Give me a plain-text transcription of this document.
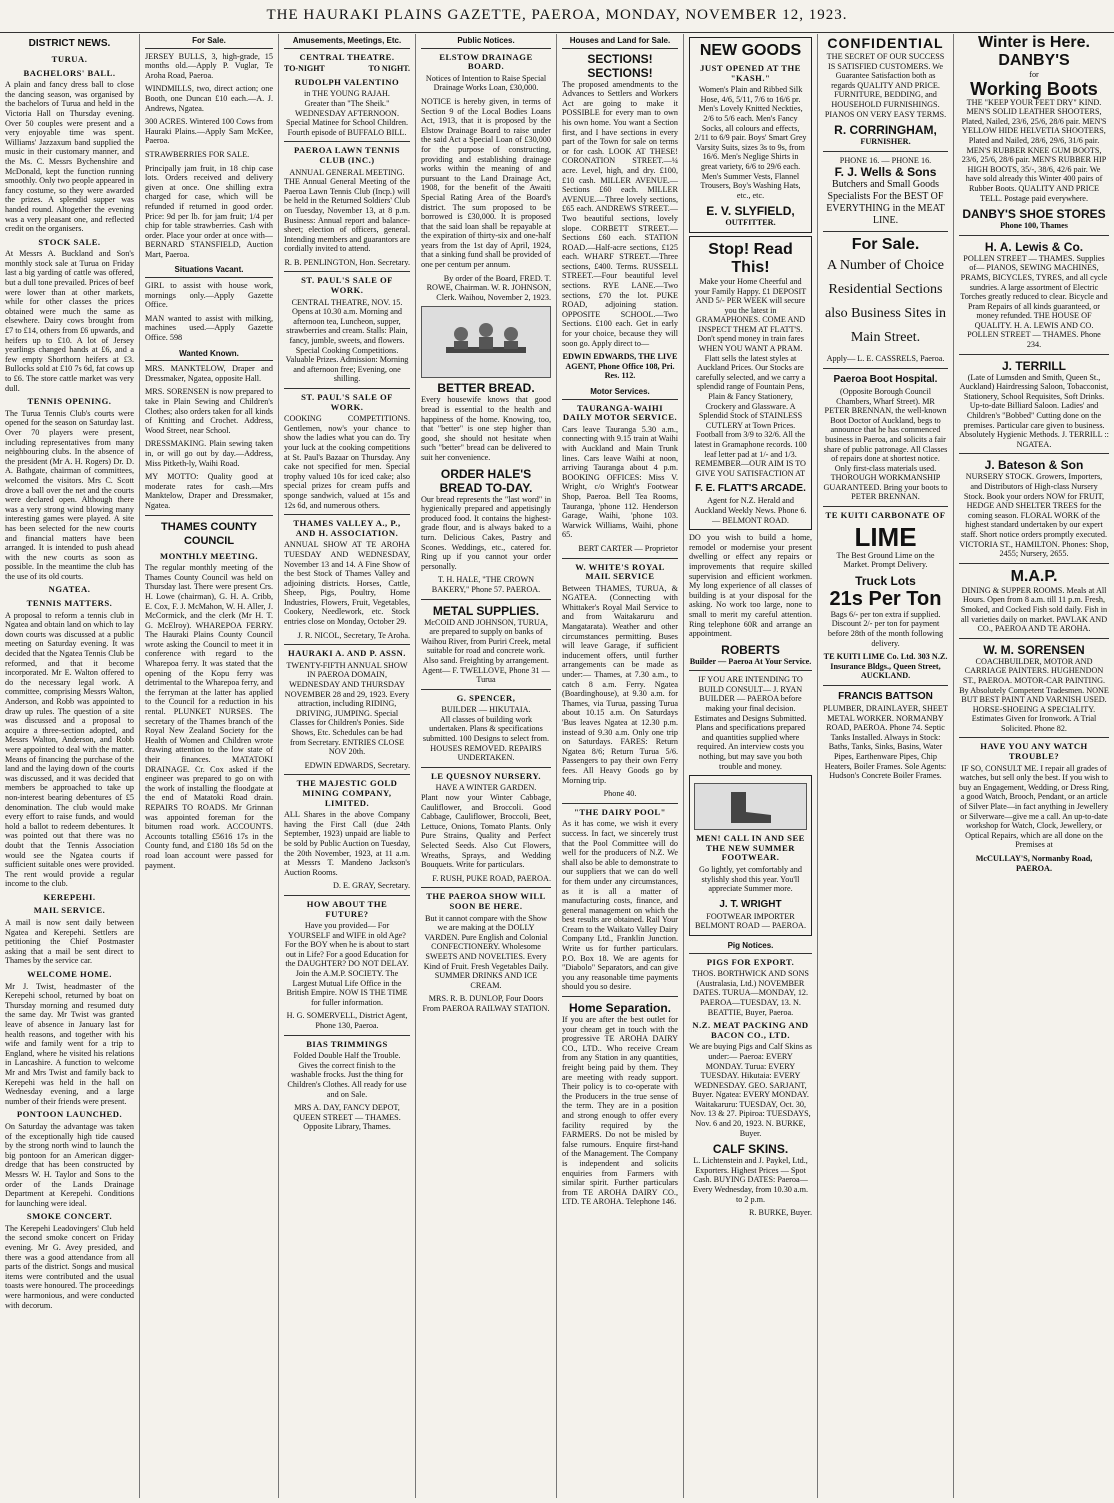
THE HAURAKI PLAINS GAZETTE, PAEROA, MONDAY, NOVEMBER 12, 1923.
DISTRICT NEWS.
TURUA.
BACHELORS' BALL.

A plain and fancy dress ball to close the dancing season, was organised by the bachelors of Turua and held in the Victoria Hall on Thursday evening. Over 50 couples were present and a very enjoyable time was spent. Williams' Jazzaxum band supplied the music in their customary manner, and the Ms. C. Messrs Bychenshire and McDonald, kept the function running smoothly. Only two people appeared in fancy costume, so they were awarded the prizes. A splendid supper was handed round. Altogether the evening was a very pleasant one, and reflected credit on the organisers.

STOCK SALE.

At Messrs A. Buckland and Son's monthly stock sale at Turua on Friday last a big yarding of cattle was offered, but a dull tone prevailed. Prices of beef were lower than at other markets, while for other classes the prices obtained were much the same as elsewhere. Dairy cows brought from £7 to £14, others from £6 upwards, and heifers up to £10. A lot of Jersey yearlings changed hands at £6, and a few empty Shorthorn heifers at £3. Bullocks sold at £10 7s 6d, fat cows up to £6. The store cattle market was very dull.

TENNIS OPENING.

The Turua Tennis Club's courts were opened for the season on Saturday last. Over 70 players were present, including representatives from many neighbouring clubs. In the absence of the president (Mr A. H. Rogers) Dr. D. A. Bathgate, chairman of committees, welcomed the visitors. Mrs C. Scott drove a ball over the net and the courts were declared open. Although there was a very strong wind blowing many interesting games were played. A site has been selected for the new courts and financial matters have been arranged. It is intended to push ahead with the new courts as soon as possible. In the meantime the club has the use of its old courts.

NGATEA.
TENNIS MATTERS.

A proposal to reform a tennis club in Ngatea and obtain land on which to lay down courts was discussed at a public meeting on Saturday evening. It was decided that the Ngatea Tennis Club be reformed, and that it become incorporated. Mr E. Walton offered to do the necessary legal work. A committee, comprising Messrs Walton, Anderson, and Robb was appointed to draw up rules. The question of a site was discussed and a proposal to acquire a three-section adopted, and Messrs Walton, Anderson, and Robb were appointed to deal with the matter. Means of financing the purchase of the land and the laying down of the courts was discussed, and it was decided that members be approached to take up non-interest bearing debentures of £5 denomination. The club would make every effort to raise funds, and would hold a ballot to redeem debentures. It was pointed out that there was no doubt that the Tennis Association would see the Ngatea courts if sufficient suitable ones were provided. The rent would provide a regular income to the club.

KEREPEHI.
MAIL SERVICE.

A mail is now sent daily between Ngatea and Kerepehi. Settlers are petitioning the Chief Postmaster asking that a mail be sent direct to Thames by the service car.

WELCOME HOME.

Mr J. Twist, headmaster of the Kerepehi school, returned by boat on Thursday morning and resumed duty the same day. Mr Twist was granted leave of absence in January last for health reasons, and together with his wife and family went for a trip to England, where he visited his relations in Lancashire. A function to welcome Mr and Mrs Twist and family back to Kerepehi was held in the hall on Wednesday evening, and a large number of their friends were present.

PONTOON LAUNCHED.

On Saturday the advantage was taken of the exceptionally high tide caused by the strong north wind to launch the big pontoon for an American digger-dredge that has been constructed by Messrs W. H. Taylor and Sons to the order of the Lands Drainage Department at Kerepehi. Conditions for launching were ideal.

SMOKE CONCERT.

The Kerepehi Leadovingers' Club held the second smoke concert on Friday evening. Mr G. Avey presided, and there was a good attendance from all parts of the district. Songs and musical items were contributed and the usual toasts were honoured. The proceedings were harmonious, and were conducted with decorum.

For Sale.

JERSEY BULLS, 3, high-grade, 15 months old.—Apply P. Vuglar, Te Aroha Road, Paeroa.

WINDMILLS, two, direct action; one Booth, one Duncan £10 each.—A. J. Andrews, Ngatea.

300 ACRES. Wintered 100 Cows from Hauraki Plains.—Apply Sam McKee, Paeroa.

STRAWBERRIES FOR SALE.

Principally jam fruit, in 18 chip case lots. Orders received and delivery given at once. One shilling extra charged for case, which will be refunded if returned in good order. Price: 9d per lb. for jam fruit; 1/4 per chip for table strawberries. Cash with order. Place your order at once with— BERNARD STANSFIELD, Auction Mart, Paeroa.

Situations Vacant.

GIRL to assist with house work, mornings only.—Apply Gazette Office.

MAN wanted to assist with milking, machines used.—Apply Gazette Office. 598

Wanted Known.

MRS. MANKTELOW, Draper and Dressmaker, Ngatea, opposite Hall.

MRS. SORENSEN is now prepared to take in Plain Sewing and Children's Clothes; also orders taken for all kinds of Knitting and Crochet. Address, Wood Street, near School.

DRESSMAKING. Plain sewing taken in, or will go out by day.—Address, Miss Pitketh-ly, Waihi Road.

MY MOTTO: Quality good at moderate rates for cash.—Mrs Manktelow, Draper and Dressmaker, Ngatea.

THAMES COUNTY COUNCIL
MONTHLY MEETING.

The regular monthly meeting of the Thames County Council was held on Thursday last. There were present Crs. H. Lowe (chairman), G. H. A. Cribb, E. Cox, F. J. McMahon, W. H. Aller, J. McCormick, and the clerk (Mr H. T. G. McElroy). WHAREPOA FERRY. The Hauraki Plains County Council wrote asking the Council to meet it in conference with regard to the Wharepoa ferry. It was stated that the opening of the Kopu ferry was detrimental to the Wharepoa ferry, and the ferryman at the latter has applied to the Council for a reduction in his rental. PLUNKET NURSES. The secretary of the Thames branch of the Royal New Zealand Society for the Health of Women and Children wrote drawing attention to the low state of their finances. MATATOKI DRAINAGE. Cr. Cox asked if the engineer was prepared to go on with the work of installing the floodgate at the end of Matatoki Road drain. REPAIRS TO ROADS. Mr Grinnan was appointed foreman for the bitumen road work. ACCOUNTS. Accounts totalling £5616 17s in the County fund, and £180 18s 5d on the road loan account were passed for payment.

Amusements, Meetings, Etc.
CENTRAL THEATRE.
TO-NIGHT	TO NIGHT.
RUDOLPH VALENTINO
in THE YOUNG RAJAH.
Greater than "The Sheik."
WEDNESDAY AFTERNOON.
Special Matinee for School Children.
Fourth episode of BUFFALO BILL.
PAEROA LAWN TENNIS CLUB (INC.)
ANNUAL GENERAL MEETING.

THE Annual General Meeting of the Paeroa Lawn Tennis Club (Incp.) will be held in the Returned Soldiers' Club on Tuesday, November 13, at 8 p.m. Business: Annual report and balance-sheet; election of officers, general. Intending members and guarantors are cordially invited to attend.

R. B. PENLINGTON, Hon. Secretary.

ST. PAUL'S SALE OF WORK.

CENTRAL THEATRE, NOV. 15. Opens at 10.30 a.m. Morning and afternoon tea, Luncheon, supper, strawberries and cream. Stalls: Plain, fancy, jumble, sweets, and flowers. Special Cooking Competitions. Valuable Prizes. Admission: Morning and afternoon free; Evening, one shilling.

ST. PAUL'S SALE OF WORK.

COOKING COMPETITIONS. Gentlemen, now's your chance to show the ladies what you can do. Try your luck at the cooking competitions at St. Paul's Bazaar on Thursday. Any cake not specified for men. Special trophy valued 10s for iced cake; also special prizes for cream puffs and sponge sandwich, valued at 15s and 12s 6d, and numerous others.

THAMES VALLEY A., P., AND H. ASSOCIATION.

ANNUAL SHOW AT TE AROHA TUESDAY AND WEDNESDAY, November 13 and 14. A Fine Show of the best Stock of Thames Valley and adjoining districts. Horses, Cattle, Sheep, Pigs, Poultry, Home Industries, Flowers, Fruit, Vegetables, Cookery, Needlework, etc. Stock entries close on Monday, October 29.

J. R. NICOL, Secretary, Te Aroha.

HAURAKI A. AND P. ASSN.

TWENTY-FIFTH ANNUAL SHOW IN PAEROA DOMAIN, WEDNESDAY AND THURSDAY NOVEMBER 28 and 29, 1923. Every attraction, including RIDING, DRIVING, JUMPING. Special Classes for Children's Ponies. Side Shows, Etc. Schedules can be had from Secretary. ENTRIES CLOSE NOV 20th.

EDWIN EDWARDS, Secretary.

THE MAJESTIC GOLD MINING COMPANY, LIMITED.

ALL Shares in the above Company having the First Call (due 24th September, 1923) unpaid are liable to be sold by Public Auction on Tuesday, the 20th November, 1923, at 11 a.m. at Messrs T. Mandeno Jackson's Auction Rooms.

D. E. GRAY, Secretary.

HOW ABOUT THE FUTURE?

Have you provided— For YOURSELF and WIFE in old Age? For the BOY when he is about to start out in Life? For a good Education for the DAUGHTER? DO NOT DELAY. Join the A.M.P. SOCIETY. The Largest Mutual Life Office in the British Empire. NOW IS THE TIME for fuller information.

H. G. SOMERVELL, District Agent, Phone 130, Paeroa.

BIAS TRIMMINGS

Folded Double Half the Trouble. Gives the correct finish to the washable frocks. Just the thing for Children's Clothes. All ready for use and on Sale.

MRS A. DAY, FANCY DEPOT, QUEEN STREET — THAMES. Opposite Library, Thames.

Public Notices.
ELSTOW DRAINAGE BOARD.

Notices of Intention to Raise Special Drainage Works Loan, £30,000.

NOTICE is hereby given, in terms of Section 9 of the Local Bodies Loans Act, 1913, that it is proposed by the Elstow Drainage Board to raise under the said Act a Special Loan of £30,000 for the purpose of constructing, providing and establishing drainage works within the meaning of and pursuant to the Land Drainage Act, 1908, for the benefit of the Awaiti Special Rating Area of the Board's district. The sum proposed to be borrowed is £30,000. It is proposed that the said loan shall be repayable at the expiration of thirty-six and one-half years from the 1st day of April, 1924, that a sinking fund shall be provided of one per centum per annum.

By order of the Board, FRED. T. ROWE, Chairman. W. R. JOHNSON, Clerk. Waihou, November 2, 1923.

BETTER BREAD.

Every housewife knows that good bread is essential to the health and happiness of the home. Knowing, too, that "better" is one step higher than good, she should not hesitate when such "better" bread can be delivered to suit her convenience.

ORDER HALE'S BREAD TO-DAY.

Our bread represents the "last word" in hygienically prepared and appetisingly produced food. It contains the highest-grade flour, and is always baked to a turn. Delicious Cakes, Pastry and Scones. Weddings, etc., catered for. Ring up if you cannot your order personally.

T. H. HALE, "THE CROWN BAKERY," Phone 57. PAEROA.

METAL SUPPLIES.

McCOID AND JOHNSON, TURUA, are prepared to supply on banks of Waihou River, from Puriri Creek, metal suitable for road and concrete work. Also sand. Freighting by arrangement. Agent— F. TWELLOVE, Phone 31 — Turua

G. SPENCER,
BUILDER — HIKUTAIA.

All classes of building work undertaken. Plans & specifications submitted. 100 Designs to select from. HOUSES REMOVED. REPAIRS UNDERTAKEN.

LE QUESNOY NURSERY.
HAVE A WINTER GARDEN.

Plant now your Winter Cabbage, Cauliflower, and Broccoli. Good Cabbage, Cauliflower, Broccoli, Beet, Lettuce, Onions, Tomato Plants. Only Pure Strains, Quality and Perfect Selected Seeds. Also Cut Flowers, Wreaths, Sprays, and Wedding Bouquets. Write for particulars.

F. RUSH, PUKE ROAD, PAEROA.

THE PAEROA SHOW WILL SOON BE HERE.

But it cannot compare with the Show we are making at the DOLLY VARDEN. Pure English and Colonial CONFECTIONERY. Wholesome SWEETS AND NOVELTIES. Every Kind of Fruit. Fresh Vegetables Daily. SUMMER DRINKS AND ICE CREAM.

MRS. R. B. DUNLOP, Four Doors From PAEROA RAILWAY STATION.

Houses and Land for Sale.
SECTIONS! SECTIONS!

The proposed amendments to the Advances to Settlers and Workers Act are going to make it POSSIBLE for every man to own his own home. You want a Section first, and I have sections in every part of the Town for sale on terms or for cash. LOOK AT THESE! CORONATION STREET.—¼ acre. Level, high, and dry. £100, £10 cash. MILLER AVENUE.—Sections £60 each. MILLER AVENUE.—Three lovely sections, £65 each. ANDREWS STREET.—Two beautiful sections, lovely slope. CORBETT STREET.—Sections £60 each. STATION ROAD.—Half-acre sections, £125 each. WHARF STREET.—Three sections, £400. Terms. RUSSELL STREET.—Four beautiful level sections. RYE LANE.—Two sections, £70 the lot. PUKE ROAD, adjoining station. OPPOSITE SCHOOL.—Two Sections. £100 each. Get in early for your choice, because they will soon go. Apply direct to—

EDWIN EDWARDS, THE LIVE AGENT, Phone Office 108, Pri. Res. 112.

Motor Services.
TAURANGA-WAIHI DAILY MOTOR SERVICE.

Cars leave Tauranga 5.30 a.m., connecting with 9.15 train at Waihi with Auckland and Main Trunk lines. Cars leave Waihi at noon, arriving Tauranga about 4 p.m. BOOKING OFFICES: Miss V. Wright, c/o Wright's Footwear Shop, Paeroa. Bell Tea Rooms, Tauranga, 'phone 112. Henderson Garage, Waihi, 'phone 103. Warwick Williams, Waihi, phone 65.

BERT CARTER — Proprietor

W. WHITE'S ROYAL MAIL SERVICE

Between THAMES, TURUA, & NGATEA. (Connecting with Whittaker's Royal Mail Service to and from Waitakaruru and Mangatarata). Weather and other circumstances permitting. Buses will leave Garage, if sufficient inducement offers, until further arrangements can be made as under:— Thames, at 7.30 a.m., to catch 8 a.m. Ferry. Ngatea (Boardinghouse), at 9.30 a.m. for Thames, via Turua, passing Turua about 10.15 a.m. On Saturdays 'Bus leaves Ngatea at 12.30 p.m. instead of 9.30 a.m. Only one trip on Saturdays. FARES: Return Ngatea 8/6; Return Turua 5/6. Passengers to pay their own Ferry fees. All Heavy Goods go by Morning trip.

Phone 40.

"THE DAIRY POOL"

As it has come, we wish it every success. In fact, we sincerely trust that the Pool Committee will do well for the producers of N.Z. We shall also be able to demonstrate to our suppliers that we can do well for them under any circumstances, as it is all a matter of manufacturing costs, finance, and general management on which the best results are obtained. Rail Your Cream to the Waikato Valley Dairy Company Ltd., Franklin Junction. Write us for further particulars. P.O. Box 18. We are agents for "Diabolo" Separators, and can give you any reasonable time payments should you so desire.

Home Separation.

If you are after the best outlet for your cheam get in touch with the progressive TE AROHA DAIRY CO., LTD.. Who receive Cream from any Station in any quantities, freight being paid by them. They are meeting with ready support. Their policy is to co-operate with the Producers in the true sense of the term. They are in a position and strong enough to offer every facility required by the FARMERS. Do not be misled by false rumours. Enquire first-hand of the Management. The Company is independent and solicits enquiries from Farmers with similar spirit. Further particulars from TE AROHA DAIRY CO., LTD. TE AROHA. Telephone 146.

NEW GOODS
JUST OPENED AT THE "KASH."

Women's Plain and Ribbed Silk Hose, 4/6, 5/11, 7/6 to 16/6 pr. Men's Lovely Knitted Neckties, 2/6 to 5/6 each. Men's Fancy Socks, all colours and effects, 2/11 to 6/9 pair. Boys' Smart Grey Varsity Suits, sizes 3s to 9s, from 16/6. Men's Neglige Shirts in great variety, 6/6 to 29/6 each. Men's Summer Vests, Flannel Trousers, Boy's Washing Hats, etc., etc.

E. V. SLYFIELD,
OUTFITTER.
Stop! Read This!

Make your Home Cheerful and your Family Happy. £1 DEPOSIT AND 5/- PER WEEK will secure you the latest in GRAMAPHONES. COME AND INSPECT THEM AT FLATT'S. Don't spend money in train fares WHEN YOU WANT A PRAM. Flatt sells the latest styles at Auckland Prices. Our Stocks are carefully selected, and we carry a splendid range of Fountain Pens, Plain & Fancy Stationery, Crockery and Glassware. A Splendid Stock of STAINLESS CUTLERY at Town Prices. Football from 3/9 to 32/6. All the latest in Gramaphone records. 100 leaf letter pad at 1/- and 1/3. REMEMBER—OUR AIM IS TO GIVE YOU SATISFACTION AT

F. E. FLATT'S ARCADE.
Agent for N.Z. Herald and Auckland Weekly News. Phone 6. — BELMONT ROAD.

DO you wish to build a home, remodel or modernise your present dwelling or effect any repairs or improvements that require skilled supervision and efficient workmen. My long experience of all classes of building is at your disposal for the asking. No work too large, none to small to merit my careful attention. Ring telephone 60R and arrange an appointment.

ROBERTS
Builder — Paeroa At Your Service.

IF YOU ARE INTENDING TO BUILD CONSULT— J. RYAN BUILDER — PAEROA before making your final decision. Estimates and Designs Submitted. Plans and specifications prepared and quantities supplied where required. An interview costs you nothing, but may save you both trouble and money.

MEN! CALL IN AND SEE THE NEW SUMMER FOOTWEAR.

Go lightly, yet comfortably and stylishly shod this year. You'll appreciate Summer more.

J. T. WRIGHT
FOOTWEAR IMPORTER BELMONT ROAD — PAEROA.
Pig Notices.
PIGS FOR EXPORT.

THOS. BORTHWICK AND SONS (Australasia, Ltd.) NOVEMBER DATES. TURUA—MONDAY, 12. PAEROA—TUESDAY, 13. N. BEATTIE, Buyer, Paeroa.

N.Z. MEAT PACKING AND BACON CO., LTD.

We are buying Pigs and Calf Skins as under:— Paeroa: EVERY MONDAY. Turua: EVERY TUESDAY. Hikutaia: EVERY WEDNESDAY. GEO. SARJANT, Buyer. Ngatea: EVERY MONDAY. Waitakaruru: TUESDAY, Oct. 30, Nov. 13 & 27. Pipiroa: TUESDAYS, Nov. 6 and 20, 1923. N. BURKE, Buyer.

CALF SKINS.

L. Lichtenstein and J. Paykel, Ltd., Exporters. Highest Prices — Spot Cash. BUYING DATES: Paeroa—Every Wednesday, from 10.30 a.m. to 2 p.m.

R. BURKE, Buyer.

CONFIDENTIAL

THE SECRET OF OUR SUCCESS IS SATISFIED CUSTOMERS. We Guarantee Satisfaction both as regards QUALITY AND PRICE. FURNITURE, BEDDING, and HOUSEHOLD FURNISHINGS. PIANOS ON VERY EASY TERMS.

R. CORRINGHAM,
FURNISHER.
PHONE 16. — PHONE 16.
F. J. Wells & Sons

Butchers and Small Goods Specialists For the BEST OF EVERYTHING in the MEAT LINE.

For Sale.

A Number of Choice Residential Sections also Business Sites in Main Street.

Apply— L. E. CASSRELS, Paeroa.

Paeroa Boot Hospital.

(Opposite Borough Council Chambers, Wharf Street). MR PETER BRENNAN, the well-known Boot Doctor of Auckland, begs to announce that he has commenced business in Paeroa, and solicits a fair share of public patronage. All Classes of repairs done at shortest notice. Only first-class materials used. THOROUGH WORKMANSHIP GUARANTEED. Bring your boots to PETER BRENNAN.

TE KUITI CARBONATE OF
LIME

The Best Ground Lime on the Market. Prompt Delivery.

Truck Lots
21s Per Ton

Bags 6/- per ton extra if supplied. Discount 2/- per ton for payment before 28th of the month following delivery.

TE KUITI LIME Co. Ltd. 303 N.Z. Insurance Bldgs., Queen Street, AUCKLAND.

FRANCIS BATTSON

PLUMBER, DRAINLAYER, SHEET METAL WORKER. NORMANBY ROAD, PAEROA. Phone 74. Septic Tanks Installed. Always in Stock: Baths, Tanks, Sinks, Basins, Water Pipes, Earthenware Pipes, Chip Heaters, Boiler Frames. Sole Agents: Hudson's Concrete Boiler Frames.

Winter is Here.
DANBY'S
for
Working Boots

THE "KEEP YOUR FEET DRY" KIND. MEN'S SOLID LEATHER SHOOTERS, Plated, Nailed, 23/6, 25/6, 28/6 pair. MEN'S YELLOW HIDE HELVETIA SHOOTERS, Plated and Nailed, 28/6, 29/6, 31/6 pair. MEN'S RUBBER KNEE GUM BOOTS, 23/6, 25/6, 28/6 pair. MEN'S RUBBER HIP HIGH BOOTS, 35/-, 38/6, 42/6 pair. We have sold already this Winter 400 pairs of Rubber Boots. QUALITY AND PRICE TELL. Postage paid everywhere.

DANBY'S SHOE STORES
Phone 100, Thames
H. A. Lewis & Co.

POLLEN STREET — THAMES. Supplies of— PIANOS, SEWING MACHINES, PRAMS, BICYCLES, TYRES, and all cycle sundries. A large assortment of Electric Torches greatly reduced to clear. Bicycle and Pram Repairs of all kinds guaranteed, or money refunded. THE HOUSE OF QUALITY. H. A. LEWIS AND CO. POLLEN STREET — THAMES. Phone 234.

J. TERRILL

(Late of Lumsden and Smith, Queen St., Auckland) Hairdressing Saloon, Tobacconist, Stationery, School Requisites, Soft Drinks. Up-to-date Billiard Saloon. Ladies' and Children's "Bobbed" Cutting done on the premises. Particular care given to business. Absolutely Hygienic Methods. J. TERRILL :: NGATEA.

J. Bateson & Son

NURSERY STOCK. Growers, Importers, and Distributors of High-class Nursery Stock. Book your orders NOW for FRUIT, HEDGE AND SHELTER TREES for the coming season. FLORAL WORK of the highest standard undertaken by our expert staff. Short notice orders promptly executed. VICTORIA ST., HAMILTON. Phones: Shop, 2455; Nursery, 2655.

M.A.P.

DINING & SUPPER ROOMS. Meals at All Hours. Open from 8 a.m. till 11 p.m. Fresh, Smoked, and Cocked Fish sold daily. Fish in all varieties daily on market. PAVLAK AND CO., PAEROA AND TE AROHA.

W. M. SORENSEN

COACHBUILDER, MOTOR AND CARRIAGE PAINTERS. HUGHENDON ST., PAEROA. MOTOR-CAR PAINTING. By Absolutely Competent Tradesmen. NONE BUT BEST PAINT AND VARNISH USED. HORSE-SHOEING A SPECIALITY. Estimates Given for Ironwork. A Trial Solicited. Phone 82.

HAVE YOU ANY WATCH TROUBLE?

IF SO, CONSULT ME. I repair all grades of watches, but sell only the best. If you wish to buy an Engagement, Wedding, or Dress Ring, a good Watch, Brooch, Pendant, or an article of Silver Plate—in fact anything in Jewellery or Silverware—give me a call. An up-to-date workshop for Watch, Clock, Jewellery, or Optical Repairs, which are all done on the Premises at

McCULLAY'S, Normanby Road, PAEROA.
